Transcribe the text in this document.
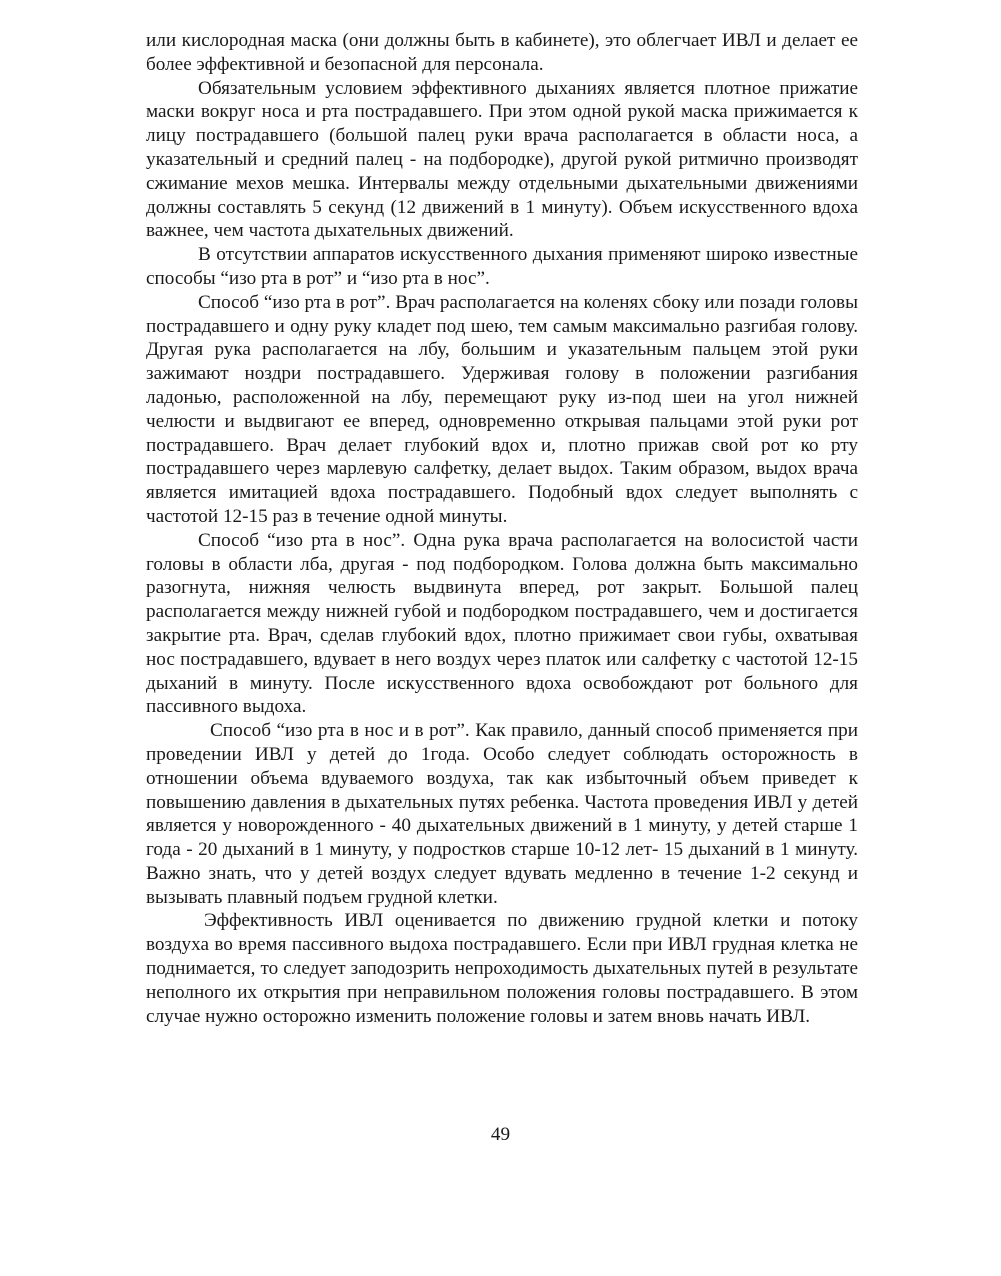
или кислородная маска (они должны быть в кабинете), это облегчает ИВЛ и делает ее более эффективной и безопасной для персонала.

Обязательным условием эффективного дыханиях является плотное прижатие маски вокруг носа и рта пострадавшего. При этом одной рукой маска прижимается к лицу пострадавшего (большой палец руки врача располагается в области носа, а указательный и средний палец - на подбородке), другой рукой ритмично производят сжимание мехов мешка. Интервалы между отдельными дыхательными движениями должны составлять 5 секунд (12 движений в 1 минуту). Объем искусственного вдоха важнее, чем частота дыхательных движений.

В отсутствии аппаратов искусственного дыхания применяют широко известные способы “изо рта в рот” и “изо рта в нос”.

Способ “изо рта в рот”. Врач располагается на коленях сбоку или позади головы пострадавшего и одну руку кладет под шею, тем самым максимально разгибая голову. Другая рука располагается на лбу, большим и указательным пальцем этой руки зажимают ноздри пострадавшего. Удерживая голову в положении разгибания ладонью, расположенной на лбу, перемещают руку из-под шеи на угол нижней челюсти и выдвигают ее вперед, одновременно открывая пальцами этой руки рот пострадавшего. Врач делает глубокий вдох и, плотно прижав свой рот ко рту пострадавшего через марлевую салфетку, делает выдох. Таким образом, выдох врача является имитацией вдоха пострадавшего. Подобный вдох следует выполнять с частотой 12-15 раз в течение одной минуты.

Способ “изо рта в нос”. Одна рука врача располагается на волосистой части головы в области лба, другая - под подбородком. Голова должна быть максимально разогнута, нижняя челюсть выдвинута вперед, рот закрыт. Большой палец располагается между нижней губой и подбородком пострадавшего, чем и достигается закрытие рта. Врач, сделав глубокий вдох, плотно прижимает свои губы, охватывая нос пострадавшего, вдувает в него воздух через платок или салфетку с частотой 12-15 дыханий в минуту. После искусственного вдоха освобождают рот больного для пассивного выдоха.

Способ “изо рта в нос и в рот”. Как правило, данный способ применяется при проведении ИВЛ у детей до 1года. Особо следует соблюдать осторожность в отношении объема вдуваемого воздуха, так как избыточный объем приведет к повышению давления в дыхательных путях ребенка. Частота проведения ИВЛ у детей является у новорожденного - 40 дыхательных движений в 1 минуту, у детей старше 1 года - 20 дыханий в 1 минуту, у подростков старше 10-12 лет- 15 дыханий в 1 минуту. Важно знать, что у детей воздух следует вдувать медленно в течение 1-2 секунд и вызывать плавный подъем грудной клетки.

Эффективность ИВЛ оценивается по движению грудной клетки и потоку воздуха во время пассивного выдоха пострадавшего. Если при ИВЛ грудная клетка не поднимается, то следует заподозрить непроходимость дыхательных путей в результате неполного их открытия при неправильном положения головы пострадавшего. В этом случае нужно осторожно изменить положение головы и затем вновь начать ИВЛ.

49
